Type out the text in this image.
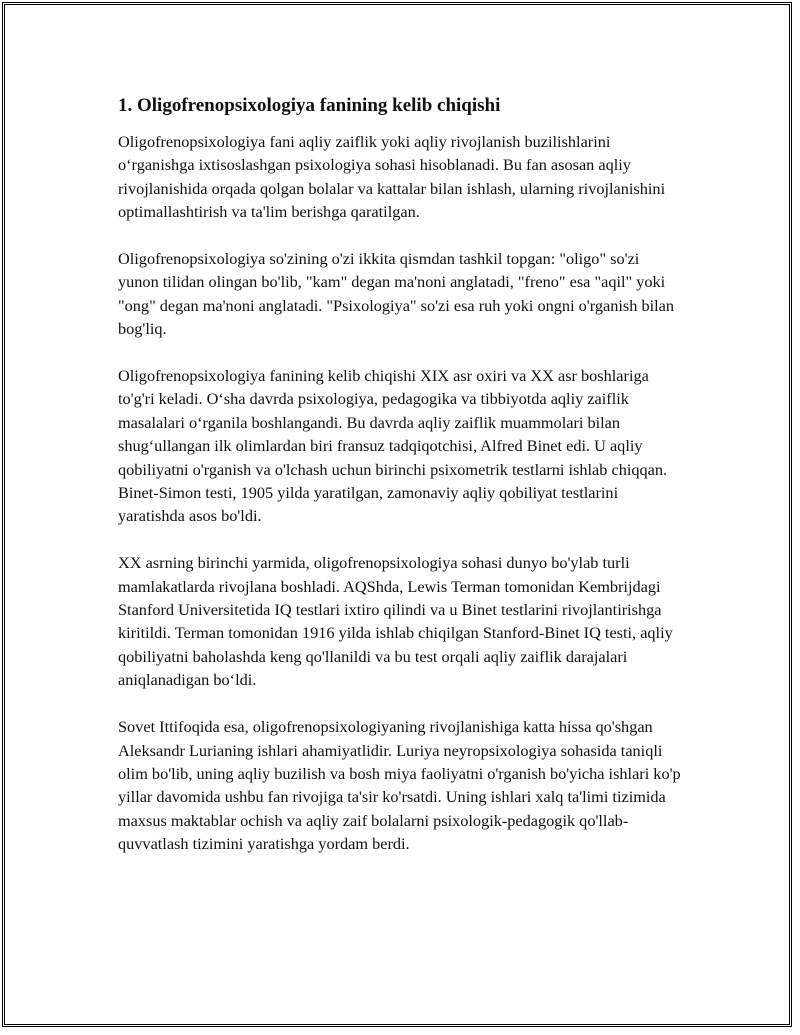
1. Oligofrenopsixologiya fanining kelib chiqishi

Oligofrenopsixologiya fani aqliy zaiflik yoki aqliy rivojlanish buzilishlarini o‘rganishga ixtisoslashgan psixologiya sohasi hisoblanadi. Bu fan asosan aqliy rivojlanishida orqada qolgan bolalar va kattalar bilan ishlash, ularning rivojlanishini optimallashtirish va ta'lim berishga qaratilgan.

Oligofrenopsixologiya so'zining o'zi ikkita qismdan tashkil topgan: "oligo" so'zi yunon tilidan olingan bo'lib, "kam" degan ma'noni anglatadi, "freno" esa "aqil" yoki "ong" degan ma'noni anglatadi. "Psixologiya" so'zi esa ruh yoki ongni o'rganish bilan bog'liq.

Oligofrenopsixologiya fanining kelib chiqishi XIX asr oxiri va XX asr boshlariga to'g'ri keladi. O‘sha davrda psixologiya, pedagogika va tibbiyotda aqliy zaiflik masalalari o‘rganila boshlangandi. Bu davrda aqliy zaiflik muammolari bilan shug‘ullangan ilk olimlardan biri fransuz tadqiqotchisi, Alfred Binet edi. U aqliy qobiliyatni o'rganish va o'lchash uchun birinchi psixometrik testlarni ishlab chiqqan. Binet-Simon testi, 1905 yilda yaratilgan, zamonaviy aqliy qobiliyat testlarini yaratishda asos bo'ldi.

XX asrning birinchi yarmida, oligofrenopsixologiya sohasi dunyo bo'ylab turli mamlakatlarda rivojlana boshladi. AQShda, Lewis Terman tomonidan Kembrijdagi Stanford Universitetida IQ testlari ixtiro qilindi va u Binet testlarini rivojlantirishga kiritildi. Terman tomonidan 1916 yilda ishlab chiqilgan Stanford-Binet IQ testi, aqliy qobiliyatni baholashda keng qo'llanildi va bu test orqali aqliy zaiflik darajalari aniqlanadigan bo‘ldi.

Sovet Ittifoqida esa, oligofrenopsixologiyaning rivojlanishiga katta hissa qo'shgan Aleksandr Lurianing ishlari ahamiyatlidir. Luriya neyropsixologiya sohasida taniqli olim bo'lib, uning aqliy buzilish va bosh miya faoliyatni o'rganish bo'yicha ishlari ko'p yillar davomida ushbu fan rivojiga ta'sir ko'rsatdi. Uning ishlari xalq ta'limi tizimida maxsus maktablar ochish va aqliy zaif bolalarni psixologik-pedagogik qo'llab-quvvatlash tizimini yaratishga yordam berdi.
